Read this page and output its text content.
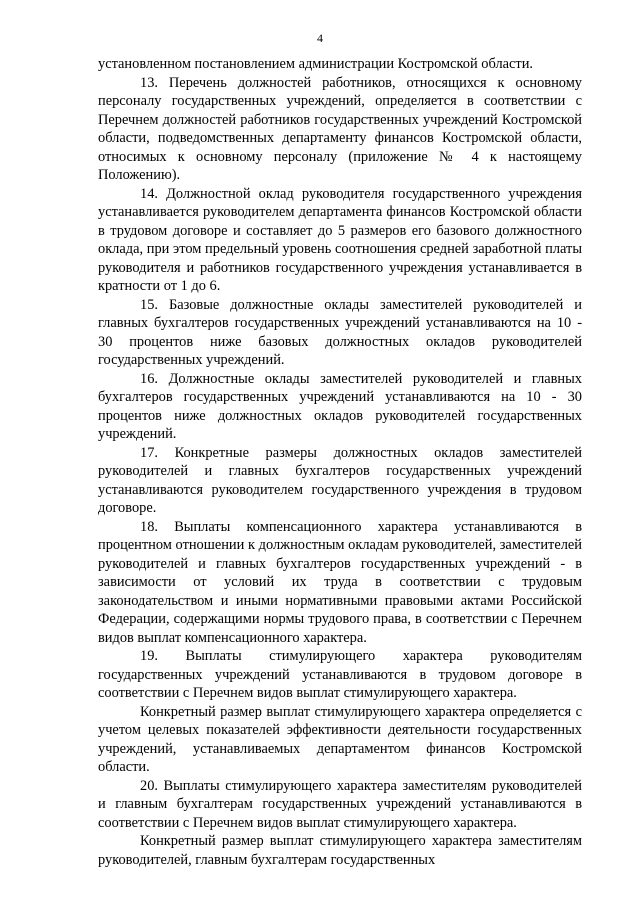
4

установленном постановлением администрации Костромской области.

13. Перечень должностей работников, относящихся к основному персоналу государственных учреждений, определяется в соответствии с Перечнем должностей работников государственных учреждений Костромской области, подведомственных департаменту финансов Костромской области, относимых к основному персоналу (приложение № 4 к настоящему Положению).

14. Должностной оклад руководителя государственного учреждения устанавливается руководителем департамента финансов Костромской области в трудовом договоре и составляет до 5 размеров его базового должностного оклада, при этом предельный уровень соотношения средней заработной платы руководителя и работников государственного учреждения устанавливается в кратности от 1 до 6.

15. Базовые должностные оклады заместителей руководителей и главных бухгалтеров государственных учреждений устанавливаются на 10 - 30 процентов ниже базовых должностных окладов руководителей государственных учреждений.

16. Должностные оклады заместителей руководителей и главных бухгалтеров государственных учреждений устанавливаются на 10 - 30 процентов ниже должностных окладов руководителей государственных учреждений.

17. Конкретные размеры должностных окладов заместителей руководителей и главных бухгалтеров государственных учреждений устанавливаются руководителем государственного учреждения в трудовом договоре.

18. Выплаты компенсационного характера устанавливаются в процентном отношении к должностным окладам руководителей, заместителей руководителей и главных бухгалтеров государственных учреждений - в зависимости от условий их труда в соответствии с трудовым законодательством и иными нормативными правовыми актами Российской Федерации, содержащими нормы трудового права, в соответствии с Перечнем видов выплат компенсационного характера.

19. Выплаты стимулирующего характера руководителям государственных учреждений устанавливаются в трудовом договоре в соответствии с Перечнем видов выплат стимулирующего характера.

Конкретный размер выплат стимулирующего характера определяется с учетом целевых показателей эффективности деятельности государственных учреждений, устанавливаемых департаментом финансов Костромской области.

20. Выплаты стимулирующего характера заместителям руководителей и главным бухгалтерам государственных учреждений устанавливаются в соответствии с Перечнем видов выплат стимулирующего характера.

Конкретный размер выплат стимулирующего характера заместителям руководителей, главным бухгалтерам государственных
